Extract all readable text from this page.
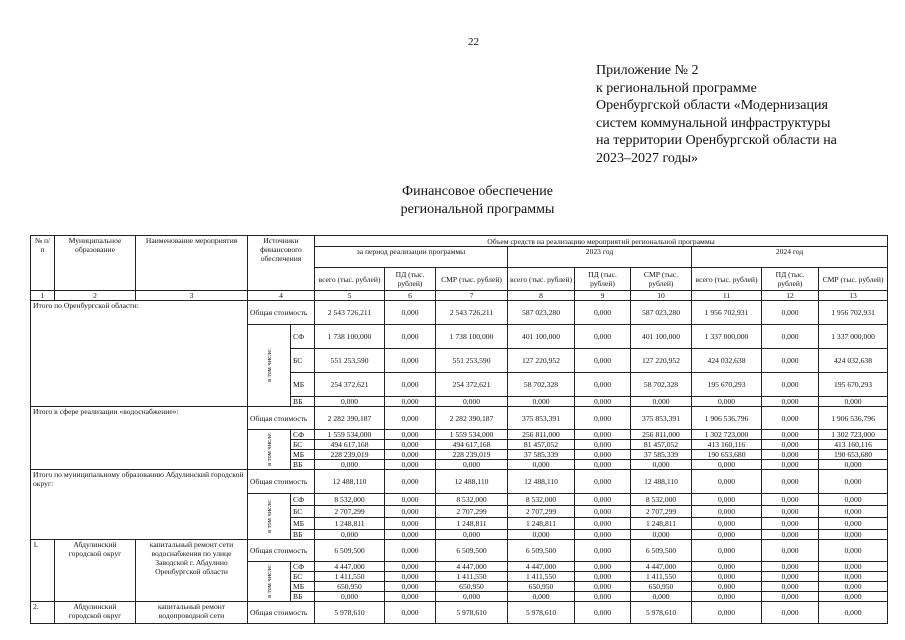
22
Приложение № 2
к региональной программе
Оренбургской области «Модернизация
систем коммунальной инфраструктуры
на территории Оренбургской области на
2023–2027 годы»
Финансовое обеспечение
региональной программы
№ п/п	Муниципальное образование	Наименование мероприятия	Источники финансового обеспечения		Объем средств на реализацию мероприятий региональной программы								
					за период реализации программы			2023 год			2024 год		
					всего (тыс. рублей)	ПД (тыс. рублей)	СМР (тыс. рублей)	всего (тыс. рублей)	ПД (тыс. рублей)	СМР (тыс. рублей)	всего (тыс. рублей)	ПД (тыс. рублей)	СМР (тыс. рублей)
1	2	3	4		5	6	7	8	9	10	11	12	13
Итого по Оренбургской области:			Общая стоимость		2 543 726,211	0,000	2 543 726,211	587 023,280	0,000	587 023,280	1 956 702,931	0,000	1 956 702,931
			в том числе:	СФ	1 738 100,000	0,000	1 738 100,000	401 100,000	0,000	401 100,000	1 337 000,000	0,000	1 337 000,000
				БС	551 253,590	0,000	551 253,590	127 220,952	0,000	127 220,952	424 032,638	0,000	424 032,638
				МБ	254 372,621	0,000	254 372,621	58 702,328	0,000	58 702,328	195 670,293	0,000	195 670,293
				ВБ	0,000	0,000	0,000	0,000	0,000	0,000	0,000	0,000	0,000
Итого в сфере реализации «водоснабжение»:			Общая стоимость		2 282 390,187	0,000	2 282 390,187	375 853,391	0,000	375 853,391	1 906 536,796	0,000	1 906 536,796
			в том числе:	СФ	1 559 534,000	0,000	1 559 534,000	256 811,000	0,000	256 811,000	1 302 723,000	0,000	1 302 723,000
				БС	494 617,168	0,000	494 617,168	81 457,052	0,000	81 457,052	413 160,116	0,000	413 160,116
				МБ	228 239,019	0,000	228 239,019	37 585,339	0,000	37 585,339	190 653,680	0,000	190 653,680
				ВБ	0,000	0,000	0,000	0,000	0,000	0,000	0,000	0,000	0,000
Итого по муниципальному образованию Абдулинский городской округ:			Общая стоимость		12 488,110	0,000	12 488,110	12 488,110	0,000	12 488,110	0,000	0,000	0,000
			в том числе:	СФ	8 532,000	0,000	8 532,000	8 532,000	0,000	8 532,000	0,000	0,000	0,000
				БС	2 707,299	0,000	2 707,299	2 707,299	0,000	2 707,299	0,000	0,000	0,000
				МБ	1 248,811	0,000	1 248,811	1 248,811	0,000	1 248,811	0,000	0,000	0,000
				ВБ	0,000	0,000	0,000	0,000	0,000	0,000	0,000	0,000	0,000
1.	Абдулинский городской округ	капитальный ремонт сети водоснабжения по улице Заводской г. Абдулино Оренбургской области	Общая стоимость		6 509,500	0,000	6 509,500	6 509,500	0,000	6 509,500	0,000	0,000	0,000
			в том числе:	СФ	4 447,000	0,000	4 447,000	4 447,000	0,000	4 447,000	0,000	0,000	0,000
				БС	1 411,550	0,000	1 411,550	1 411,550	0,000	1 411,550	0,000	0,000	0,000
				МБ	650,950	0,000	650,950	650,950	0,000	650,950	0,000	0,000	0,000
				ВБ	0,000	0,000	0,000	0,000	0,000	0,000	0,000	0,000	0,000
2.	Абдулинский городской округ	капитальный ремонт водопроводной сети	Общая стоимость		5 978,610	0,000	5 978,610	5 978,610	0,000	5 978,610	0,000	0,000	0,000
